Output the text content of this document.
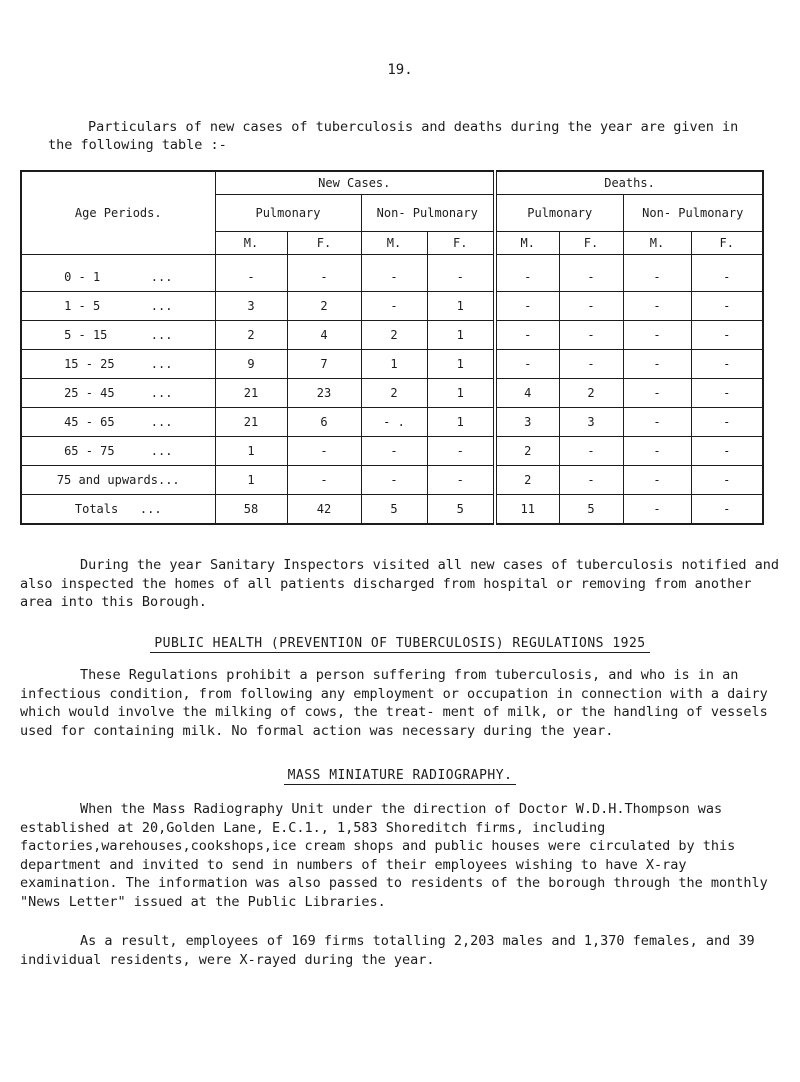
19.

Particulars of new cases of tuberculosis and deaths during the year are given in the following table :-

Age Periods.	New Cases.				Deaths.			
	Pulmonary		Non- Pulmonary		Pulmonary		Non- Pulmonary	
	M.	F.	M.	F.	M.	F.	M.	F.
0 - 1       ...	-	-	-	-	-	-	-	-
1 - 5       ...	3	2	-	1	-	-	-	-
5 - 15      ...	2	4	2	1	-	-	-	-
15 - 25     ...	9	7	1	1	-	-	-	-
25 - 45     ...	21	23	2	1	4	2	-	-
45 - 65     ...	21	6	- .	1	3	3	-	-
65 - 75     ...	1	-	-	-	2	-	-	-
75 and upwards...	1	-	-	-	2	-	-	-
Totals ...	58	42	5	5	11	5	-	-

During the year Sanitary Inspectors visited all new cases of tuberculosis notified and also inspected the homes of all patients discharged from hospital or removing from another area into this Borough.

PUBLIC HEALTH (PREVENTION OF TUBERCULOSIS) REGULATIONS 1925

These Regulations prohibit a person suffering from tuberculosis, and who is in an infectious condition, from following any employment or occupation in connection with a dairy which would involve the milking of cows, the treat- ment of milk, or the handling of vessels used for containing milk. No formal action was necessary during the year.

MASS MINIATURE RADIOGRAPHY.

When the Mass Radiography Unit under the direction of Doctor W.D.H.Thompson was established at 20,Golden Lane, E.C.1., 1,583 Shoreditch firms, including factories,warehouses,cookshops,ice cream shops and public houses were circulated by this department and invited to send in numbers of their employees wishing to have X-ray examination. The information was also passed to residents of the borough through the monthly "News Letter" issued at the Public Libraries.

As a result, employees of 169 firms totalling 2,203 males and 1,370 females, and 39 individual residents, were X-rayed during the year.
